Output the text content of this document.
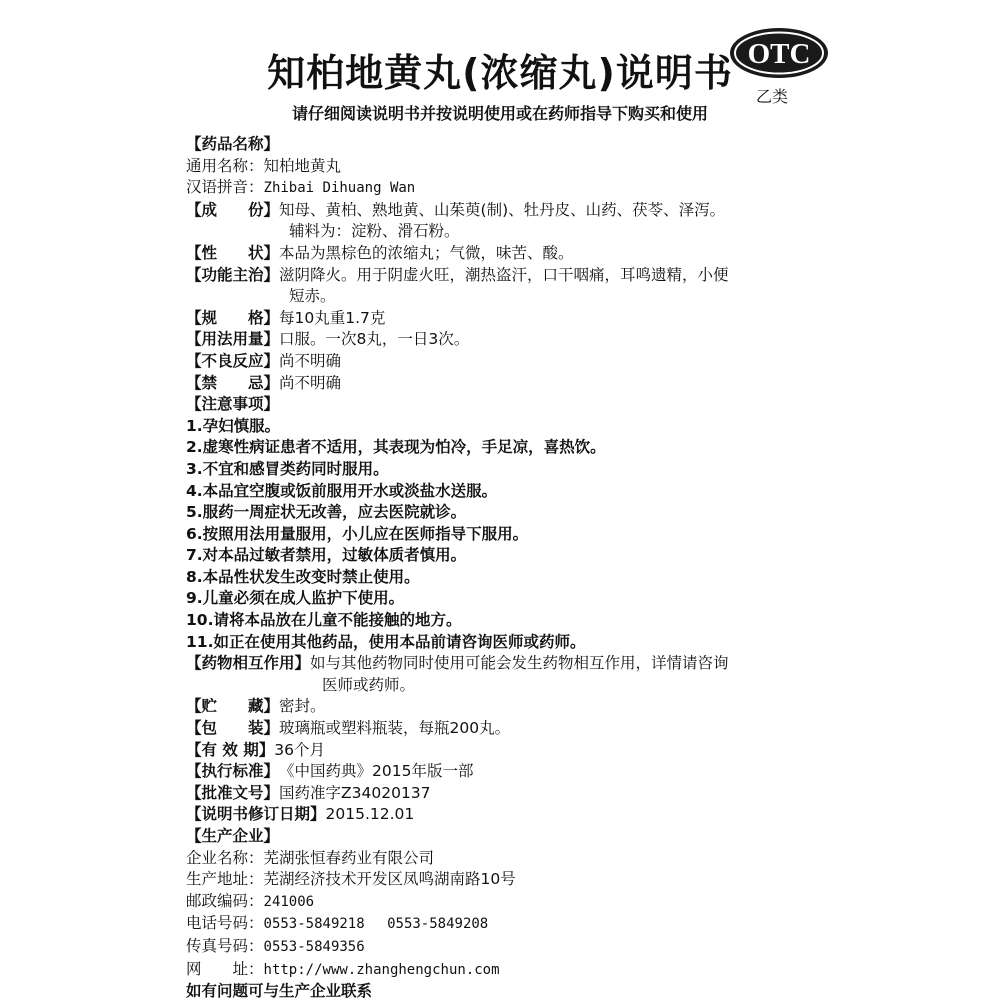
知柏地黄丸(浓缩丸)说明书 OTC
乙类
请仔细阅读说明书并按说明使用或在药师指导下购买和使用
【药品名称】
通用名称：知柏地黄丸
汉语拼音：Zhibai Dihuang Wan
【成　　份】知母、黄柏、熟地黄、山茱萸(制)、牡丹皮、山药、茯苓、泽泻。
辅料为：淀粉、滑石粉。
【性　　状】本品为黑棕色的浓缩丸；气微，味苦、酸。
【功能主治】滋阴降火。用于阴虚火旺，潮热盗汗，口干咽痛，耳鸣遗精，小便
短赤。
【规　　格】每10丸重1.7克
【用法用量】口服。一次8丸，一日3次。
【不良反应】尚不明确
【禁　　忌】尚不明确
【注意事项】
1.孕妇慎服。
2.虚寒性病证患者不适用，其表现为怕冷，手足凉，喜热饮。
3.不宜和感冒类药同时服用。
4.本品宜空腹或饭前服用开水或淡盐水送服。
5.服药一周症状无改善，应去医院就诊。
6.按照用法用量服用，小儿应在医师指导下服用。
7.对本品过敏者禁用，过敏体质者慎用。
8.本品性状发生改变时禁止使用。
9.儿童必须在成人监护下使用。
10.请将本品放在儿童不能接触的地方。
11.如正在使用其他药品，使用本品前请咨询医师或药师。
【药物相互作用】如与其他药物同时使用可能会发生药物相互作用，详情请咨询
医师或药师。
【贮　　藏】密封。
【包　　装】玻璃瓶或塑料瓶装，每瓶200丸。
【有 效 期】36个月
【执行标准】《中国药典》2015年版一部
【批准文号】国药准字Z34020137
【说明书修订日期】2015.12.01
【生产企业】
企业名称：芜湖张恒春药业有限公司
生产地址：芜湖经济技术开发区凤鸣湖南路10号
邮政编码：241006
电话号码：0553-5849218　 0553-5849208
传真号码：0553-5849356
网　　址：http://www.zhanghengchun.com
如有问题可与生产企业联系
